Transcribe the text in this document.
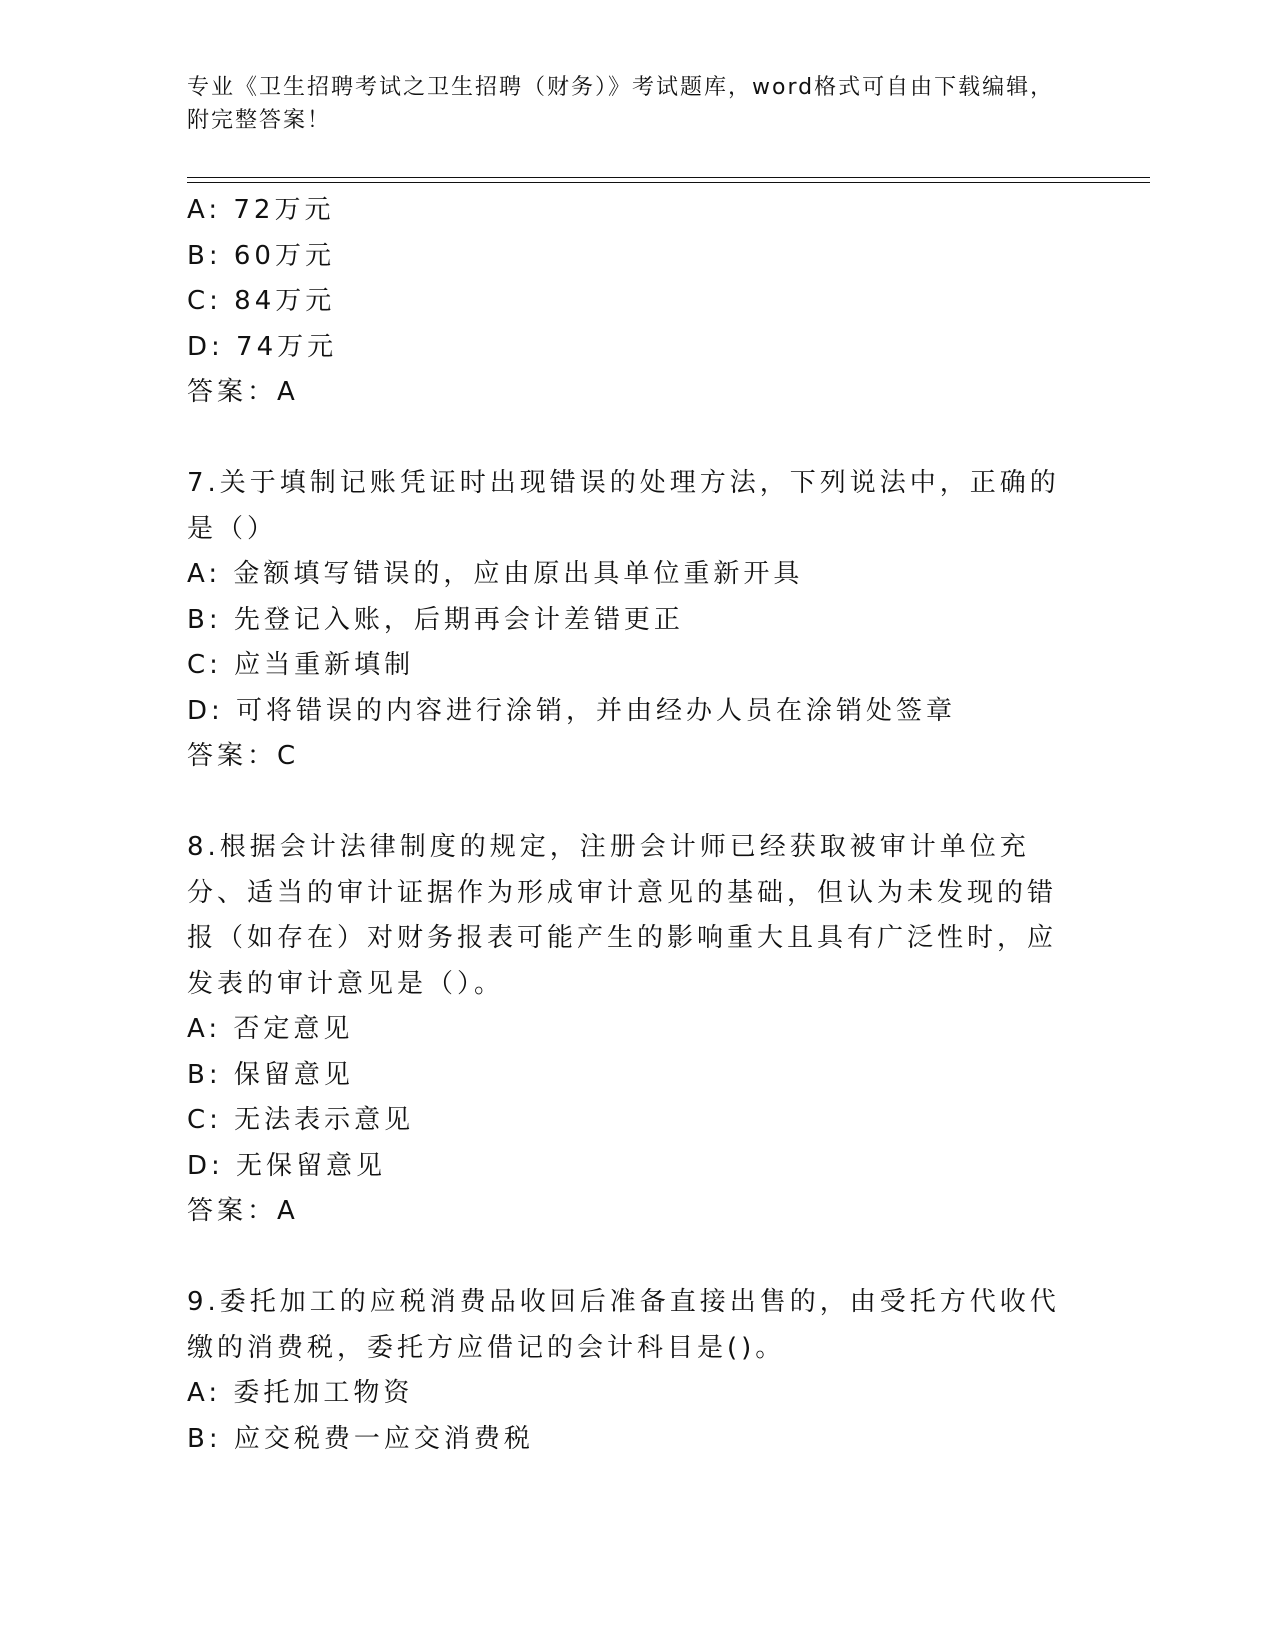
专业《卫生招聘考试之卫生招聘（财务）》考试题库，word格式可自由下载编辑，附完整答案！
A: 72万元
B: 60万元
C: 84万元
D: 74万元
答案：A
7.关于填制记账凭证时出现错误的处理方法，下列说法中，正确的是（）
A: 金额填写错误的，应由原出具单位重新开具
B: 先登记入账，后期再会计差错更正
C: 应当重新填制
D: 可将错误的内容进行涂销，并由经办人员在涂销处签章
答案：C
8.根据会计法律制度的规定，注册会计师已经获取被审计单位充分、适当的审计证据作为形成审计意见的基础，但认为未发现的错报（如存在）对财务报表可能产生的影响重大且具有广泛性时，应发表的审计意见是（）。
A: 否定意见
B: 保留意见
C: 无法表示意见
D: 无保留意见
答案：A
9.委托加工的应税消费品收回后准备直接出售的，由受托方代收代缴的消费税，委托方应借记的会计科目是()。
A: 委托加工物资
B: 应交税费一应交消费税
